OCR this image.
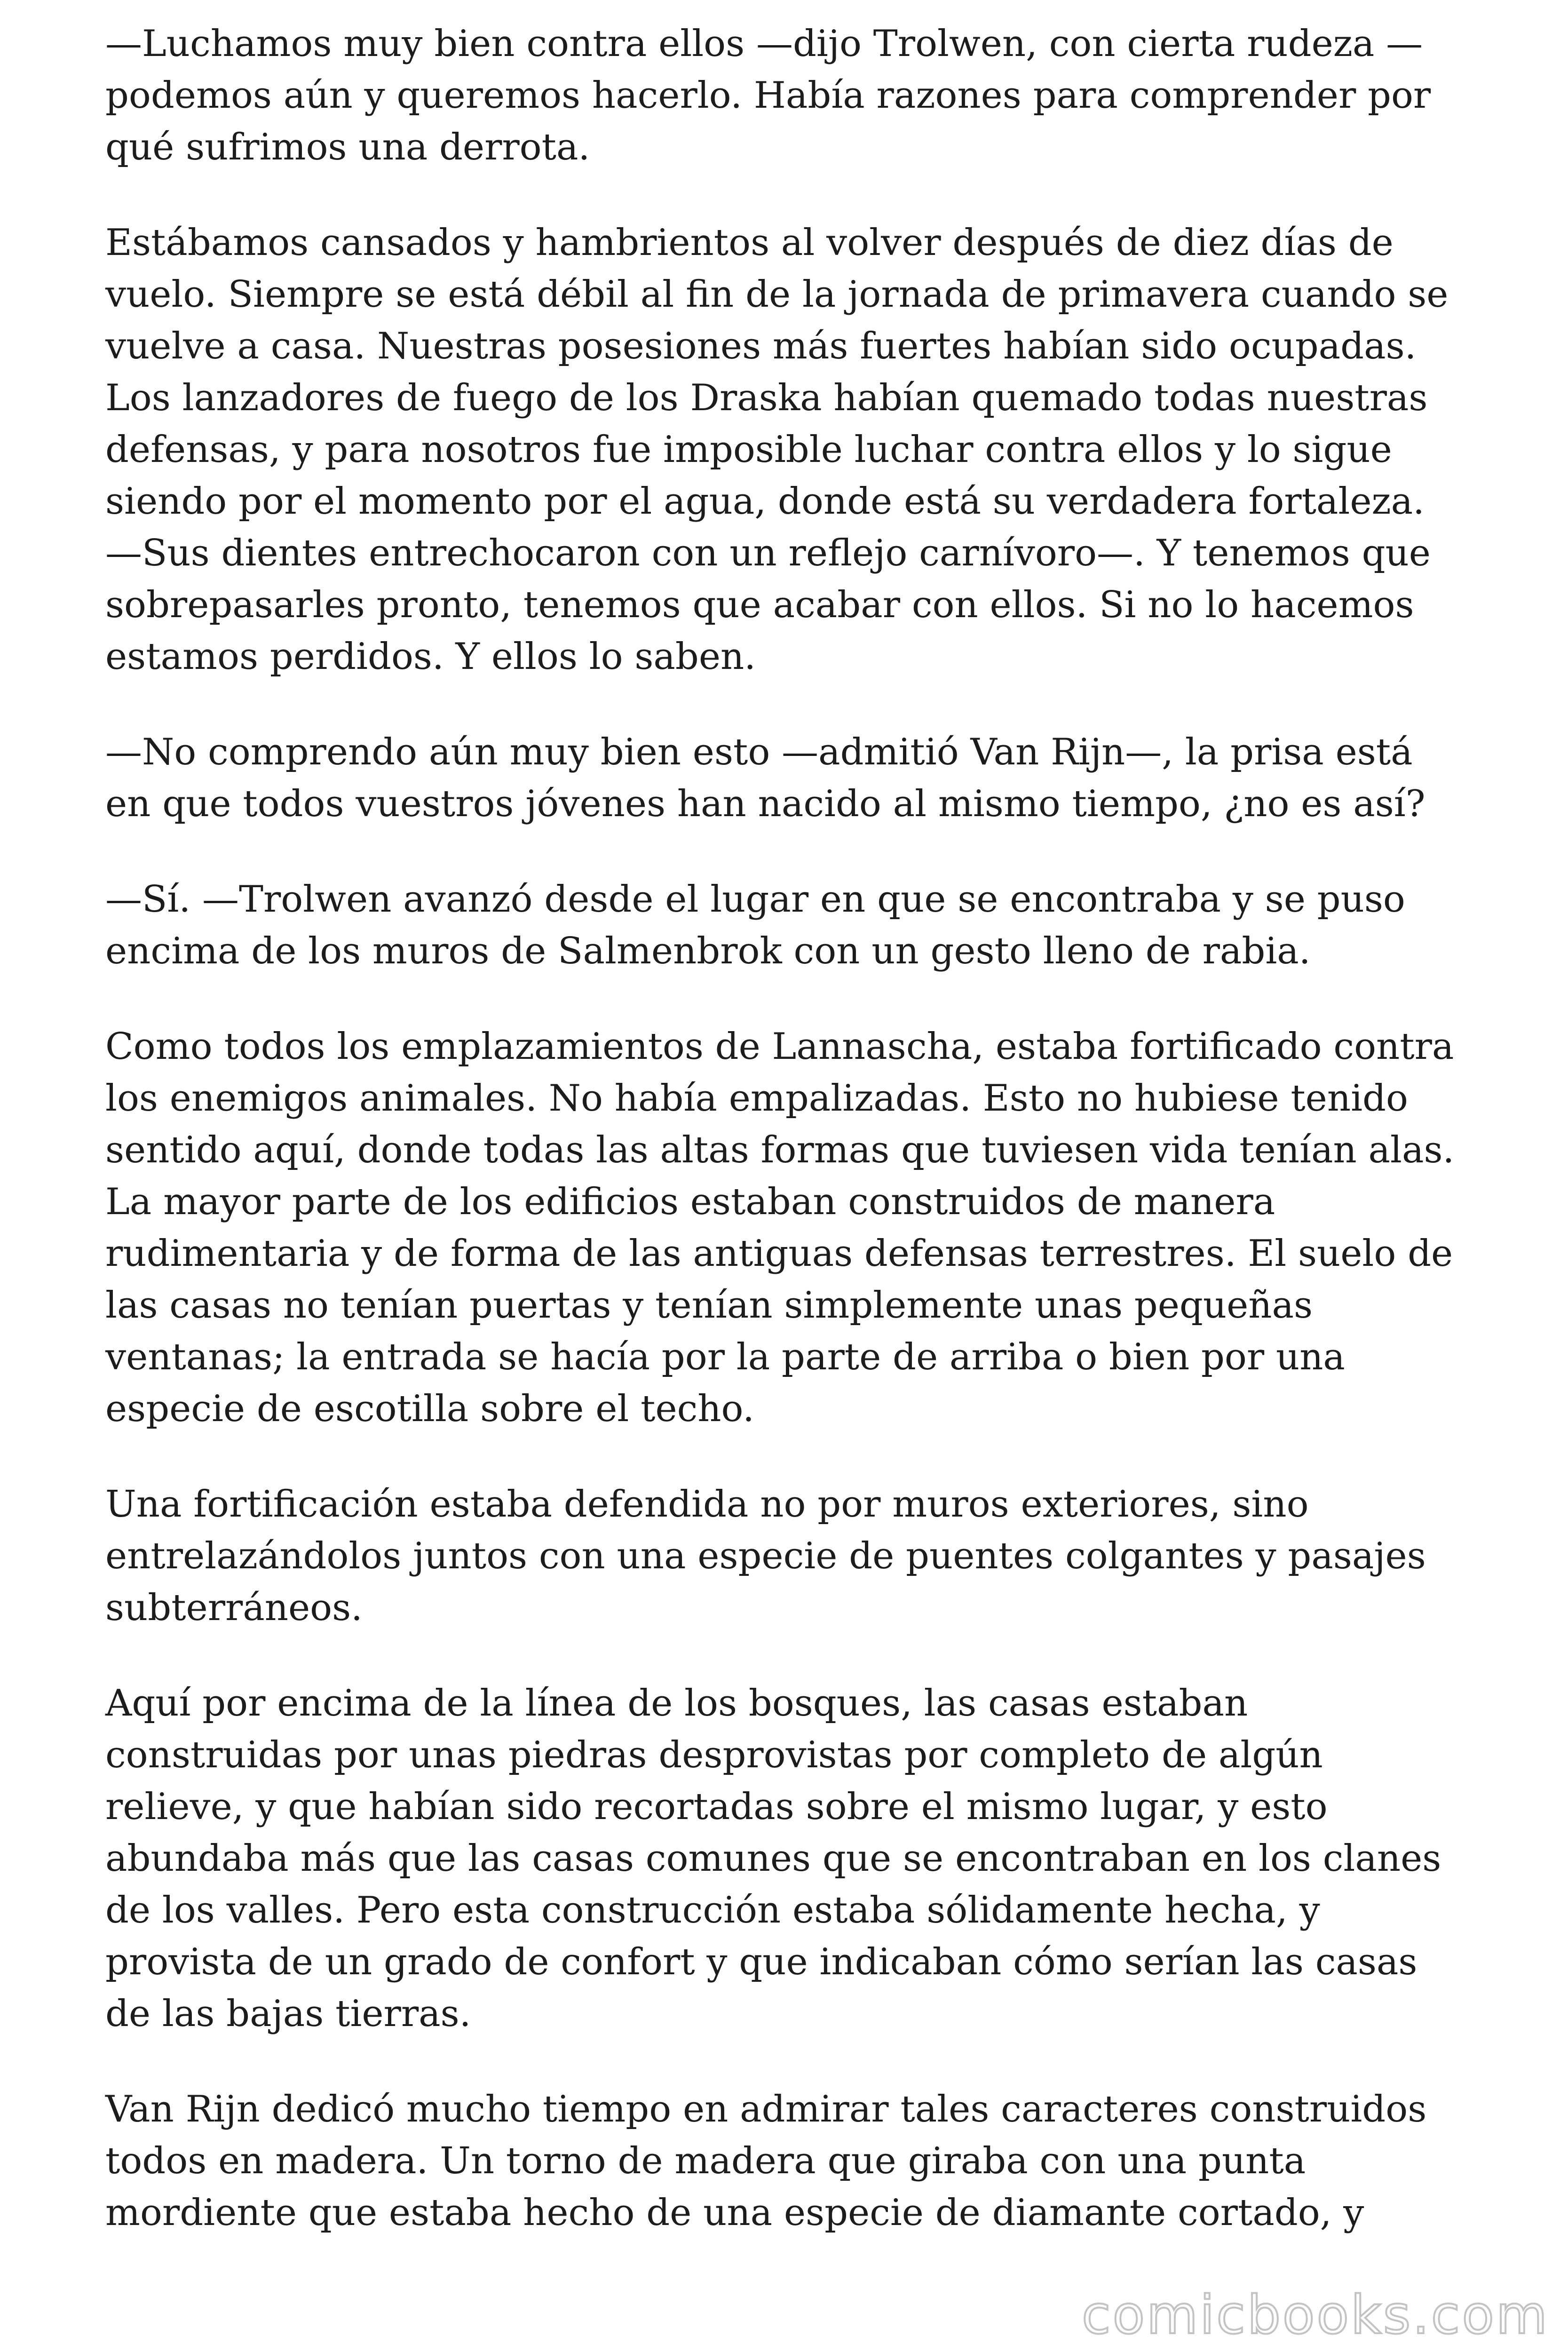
—Luchamos muy bien contra ellos —dijo Trolwen, con cierta rudeza — podemos aún y queremos hacerlo. Había razones para comprender por qué sufrimos una derrota.

Estábamos cansados y hambrientos al volver después de diez días de vuelo. Siempre se está débil al fin de la jornada de primavera cuando se vuelve a casa. Nuestras posesiones más fuertes habían sido ocupadas. Los lanzadores de fuego de los Draska habían quemado todas nuestras defensas, y para nosotros fue imposible luchar contra ellos y lo sigue siendo por el momento por el agua, donde está su verdadera fortaleza. —Sus dientes entrechocaron con un reflejo carnívoro—. Y tenemos que sobrepasarles pronto, tenemos que acabar con ellos. Si no lo hacemos estamos perdidos. Y ellos lo saben.

—No comprendo aún muy bien esto —admitió Van Rijn—, la prisa está en que todos vuestros jóvenes han nacido al mismo tiempo, ¿no es así?

—Sí. —Trolwen avanzó desde el lugar en que se encontraba y se puso encima de los muros de Salmenbrok con un gesto lleno de rabia.

Como todos los emplazamientos de Lannascha, estaba fortificado contra los enemigos animales. No había empalizadas. Esto no hubiese tenido sentido aquí, donde todas las altas formas que tuviesen vida tenían alas. La mayor parte de los edificios estaban construidos de manera rudimentaria y de forma de las antiguas defensas terrestres. El suelo de las casas no tenían puertas y tenían simplemente unas pequeñas ventanas; la entrada se hacía por la parte de arriba o bien por una especie de escotilla sobre el techo.

Una fortificación estaba defendida no por muros exteriores, sino entrelazándolos juntos con una especie de puentes colgantes y pasajes subterráneos.

Aquí por encima de la línea de los bosques, las casas estaban construidas por unas piedras desprovistas por completo de algún relieve, y que habían sido recortadas sobre el mismo lugar, y esto abundaba más que las casas comunes que se encontraban en los clanes de los valles. Pero esta construcción estaba sólidamente hecha, y provista de un grado de confort y que indicaban cómo serían las casas de las bajas tierras.

Van Rijn dedicó mucho tiempo en admirar tales caracteres construidos todos en madera. Un torno de madera que giraba con una punta mordiente que estaba hecho de una especie de diamante cortado, y

comicbooks.com
